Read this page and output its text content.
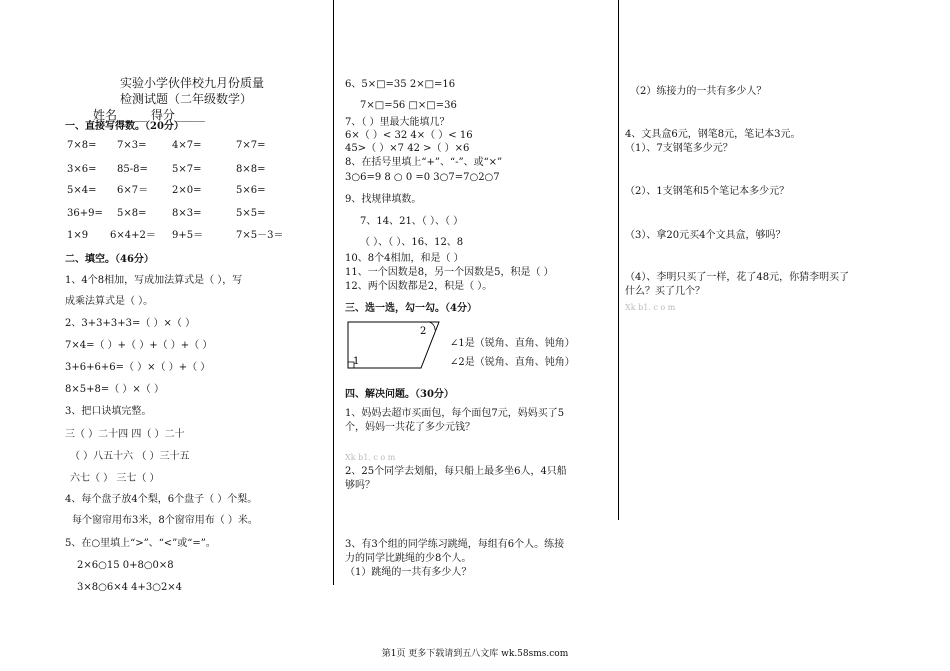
实验小学伙伴校九月份质量
检测试题（二年级数学）
姓名_____ 得分_____
一、直接写得数。（20分）
7×8= 7×3=	4×7=	7×7=
3×6= 85-8= 5×7=	8×8=
5×4= 6×7＝ 2×0=	5×6=
36+9= 5×8=	8×3=	5×5=
1×9 6×4+2＝ 9+5＝	7×5－3＝
二、填空。（46分）
1、4个8相加，写成加法算式是（ ），写
成乘法算式是（ ）。
2、3+3+3+3=（ ）×（ ）
7×4=（ ）+（ ）+（ ）+（ ）
3+6+6+6=（ ）×（ ）+（ ）
8×5+8=（ ）×（ ）
3、把口诀填完整。
三（ ）二十四 四（ ）二十
（ ）八五十六 （ ）三十五
六七（ ） 三七（ ）
4、每个盘子放4个梨，6个盘子（ ）个梨。
每个窗帘用布3米，8个窗帘用布（ ）米。
5、在○里填上“>”、“<”或“=”。
2×6○15 0+8○0×8
3×8○6×4 4+3○2×4
6、5×□=35 2×□=16
7×□=56 □×□=36
7、（ ）里最大能填几？
6×（ ）< 32 4×（ ）< 16
45>（ ）×7 42 >（ ）×6
8、在括号里填上“+”、“-”、或“×”
3○6=9 8 ○ 0 =0 3○7=7○2○7
9、找规律填数。
7、14、21、（ ）、（ ）
（ ）、（ ）、16、12、8
10、8个4相加，和是（ ）
11、一个因数是8，另一个因数是5，积是（ ）
12、两个因数都是2，积是（ ）。
三、选一选，勾一勾。（4分）
1
2
∠1是（锐角、直角、钝角）
∠2是（锐角、直角、钝角）
四、解决问题。（30分）
1、妈妈去超市买面包，每个面包7元，妈妈买了5
个，妈妈一共花了多少元钱？
Xk b1. c o m
2、25个同学去划船，每只船上最多坐6人，4只船
够吗？
3、有3个组的同学练习跳绳，每组有6个人。练接
力的同学比跳绳的少8个人。
（1）跳绳的一共有多少人？
（2）练接力的一共有多少人？
4、文具盒6元，钢笔8元，笔记本3元。
（1）、7支钢笔多少元？
（2）、1支钢笔和5个笔记本多少元？
（3）、拿20元买4个文具盒，够吗？
（4）、李明只买了一样，花了48元，你猜李明买了
什么？买了几个？
Xk b1. c o m
第1页 更多下载请到五八文库 wk.58sms.com
